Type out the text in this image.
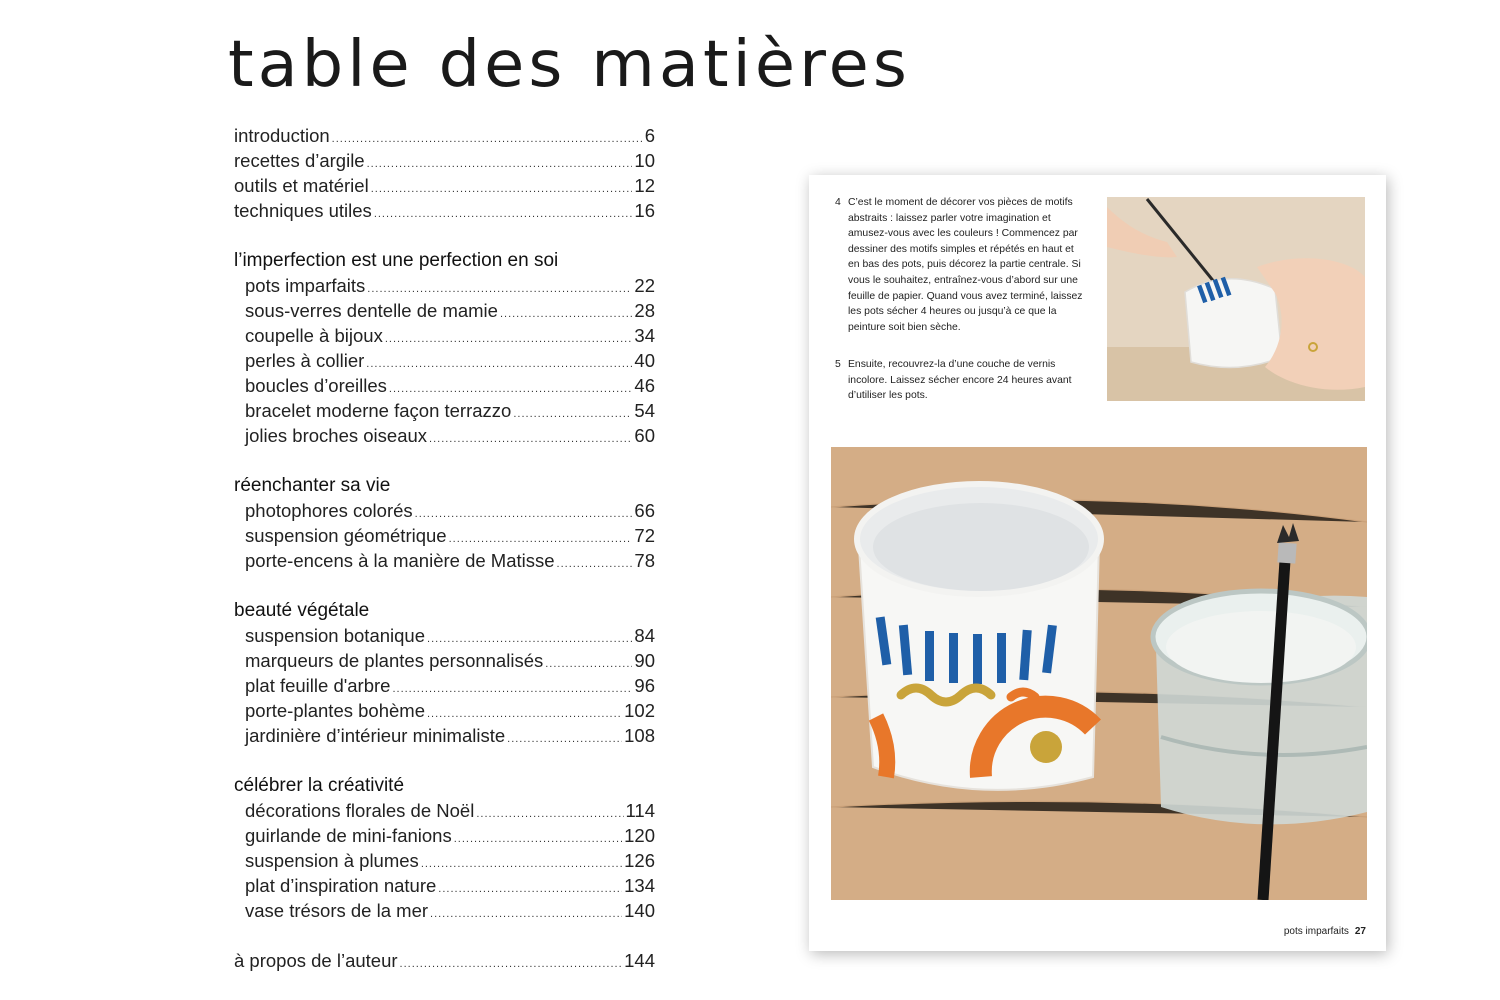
table des matières
introduction .....	6
recettes d’argile .....	10
outils et matériel .....	12
techniques utiles .....	16
l’imperfection est une perfection en soi
pots imparfaits .....	22
sous-verres dentelle de mamie .....	28
coupelle à bijoux .....	34
perles à collier .....	40
boucles d’oreilles .....	46
bracelet moderne façon terrazzo .....	54
jolies broches oiseaux .....	60
réenchanter sa vie
photophores colorés .....	66
suspension géométrique .....	72
porte-encens à la manière de Matisse .....	78
beauté végétale
suspension botanique .....	84
marqueurs de plantes personnalisés .....	90
plat feuille d'arbre .....	96
porte-plantes bohème .....	102
jardinière d’intérieur minimaliste .....	108
célébrer la créativité
décorations florales de Noël .....	114
guirlande de mini-fanions .....	120
suspension à plumes .....	126
plat d’inspiration nature .....	134
vase trésors de la mer .....	140
à propos de l’auteur .....	144
4 C’est le moment de décorer vos pièces de motifs abstraits : laissez parler votre imagination et amusez-vous avec les couleurs ! Commencez par dessiner des motifs simples et répétés en haut et en bas des pots, puis décorez la partie centrale. Si vous le souhaitez, entraînez-vous d’abord sur une feuille de papier. Quand vous avez terminé, laissez les pots sécher 4 heures ou jusqu’à ce que la peinture soit bien sèche.
5 Ensuite, recouvrez-la d’une couche de vernis incolore. Laissez sécher encore 24 heures avant d’utiliser les pots.
pots imparfaits 27
